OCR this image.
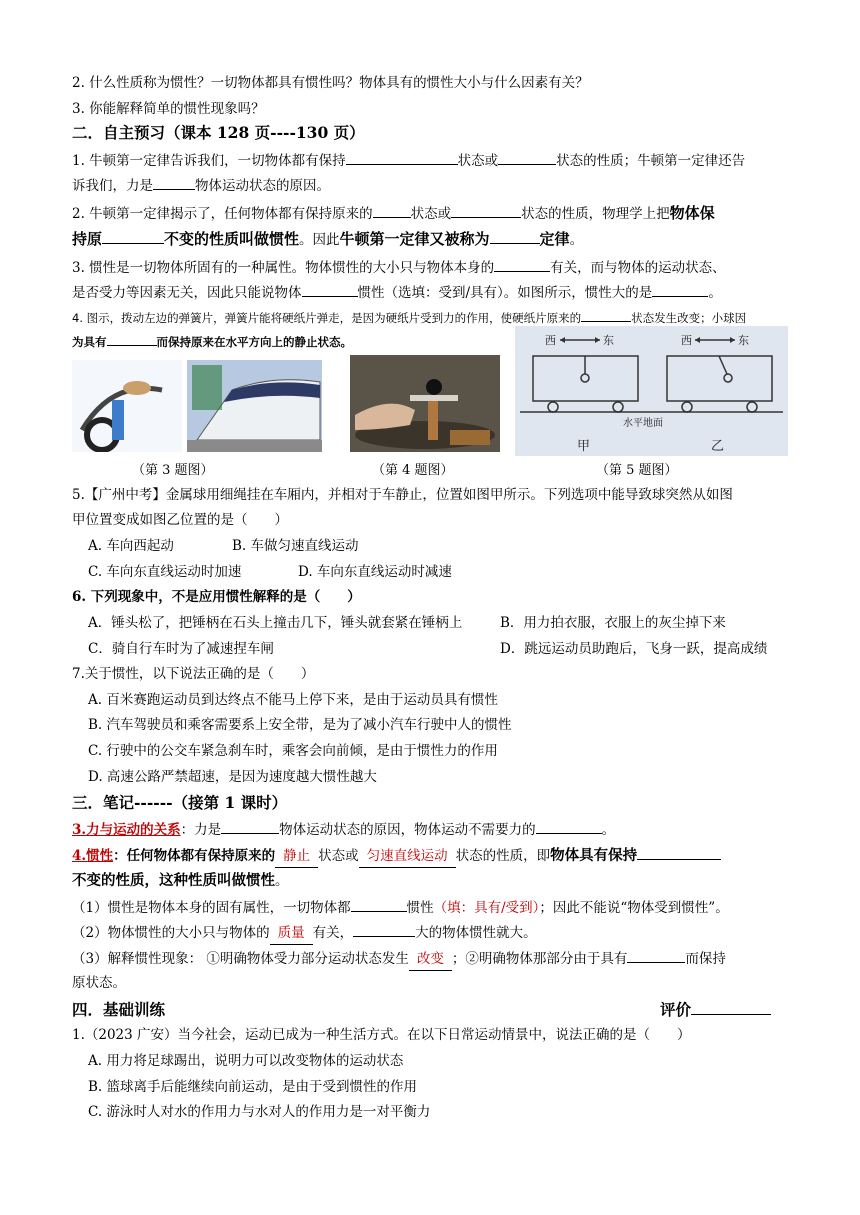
2. 什么性质称为惯性？一切物体都具有惯性吗？物体具有的惯性大小与什么因素有关？
3. 你能解释简单的惯性现象吗？
二．自主预习（课本 128 页----130 页）
1. 牛顿第一定律告诉我们，一切物体都有保持	状态或	状态的性质；牛顿第一定律还告
诉我们，力是	物体运动状态的原因。
2. 牛顿第一定律揭示了，任何物体都有保持原来的	状态或	状态的性质，物理学上把物体保
持原	不变的性质叫做惯性。因此牛顿第一定律又被称为	定律。
3. 惯性是一切物体所固有的一种属性。物体惯性的大小只与物体本身的	有关，而与物体的运动状态、
是否受力等因素无关，因此只能说物体	惯性（选填：受到/具有）。如图所示，惯性大的是	。
4. 图示，拨动左边的弹簧片，弹簧片能将硬纸片弹走，是因为硬纸片受到力的作用，使硬纸片原来的	状态发生改变；小球因
为具有	而保持原来在水平方向上的静止状态。	西	东	西	东
水平地面
甲	乙
（第 3 题图）	（第 4 题图）	（第 5 题图）
5.【广州中考】金属球用细绳挂在车厢内，并相对于车静止，位置如图甲所示。下列选项中能导致球突然从如图
甲位置变成如图乙位置的是（　　）
A. 车向西起动	B. 车做匀速直线运动
C. 车向东直线运动时加速	D. 车向东直线运动时减速
6. 下列现象中，不是应用惯性解释的是（　　）
A．锤头松了，把锤柄在石头上撞击几下，锤头就套紧在锤柄上	B．用力拍衣服，衣服上的灰尘掉下来
C．骑自行车时为了减速捏车闸	D．跳远运动员助跑后，飞身一跃，提高成绩
7.关于惯性，以下说法正确的是（　　）
A. 百米赛跑运动员到达终点不能马上停下来，是由于运动员具有惯性
B. 汽车驾驶员和乘客需要系上安全带，是为了减小汽车行驶中人的惯性
C. 行驶中的公交车紧急刹车时，乘客会向前倾，是由于惯性力的作用
D. 高速公路严禁超速，是因为速度越大惯性越大
三．笔记------（接第 1 课时）
3.力与运动的关系：力是	物体运动状态的原因，物体运动不需要力的	。
4.惯性：任何物体都有保持原来的 静止 状态或 匀速直线运动 状态的性质，即物体具有保持
不变的性质，这种性质叫做惯性。
（1）惯性是物体本身的固有属性，一切物体都	惯性（填：具有/受到）；因此不能说“物体受到惯性”。
（2）物体惯性的大小只与物体的 质量 有关，	大的物体惯性就大。
（3）解释惯性现象： ①明确物体受力部分运动状态发生 改变 ；②明确物体那部分由于具有	而保持
原状态。
四．基础训练	评价
1.（2023 广安）当今社会，运动已成为一种生活方式。在以下日常运动情景中，说法正确的是（　　）
A. 用力将足球踢出，说明力可以改变物体的运动状态
B. 篮球离手后能继续向前运动，是由于受到惯性的作用
C. 游泳时人对水的作用力与水对人的作用力是一对平衡力
